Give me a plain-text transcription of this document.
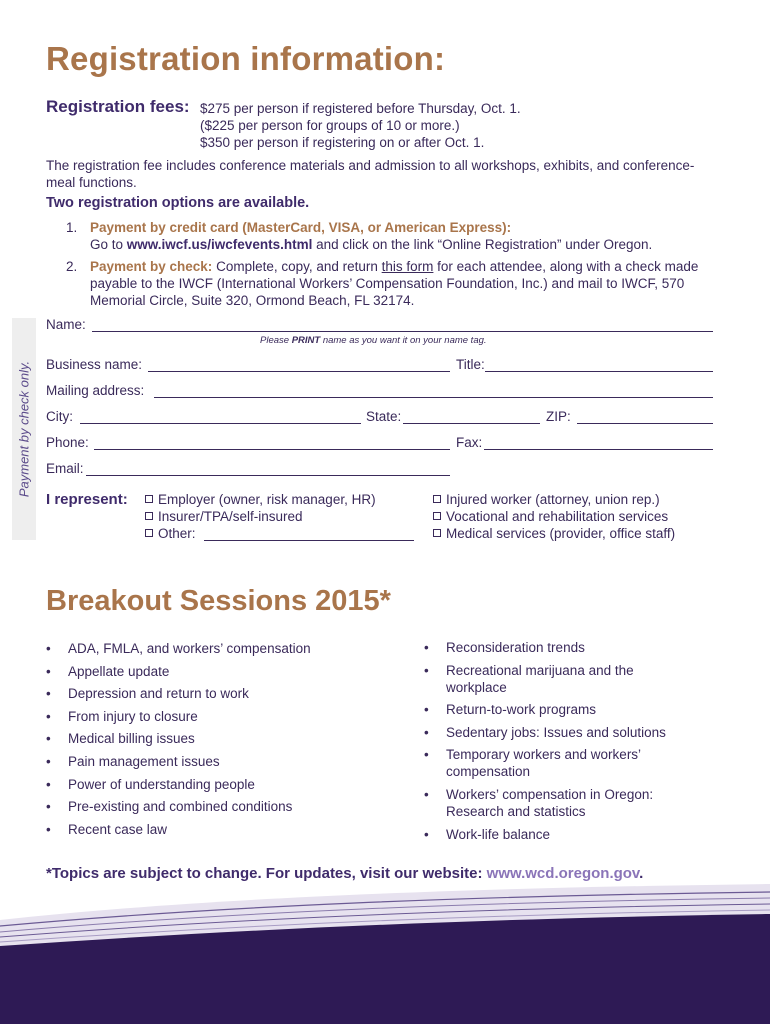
Registration information:
Registration fees: $275 per person if registered before Thursday, Oct. 1.
($225 per person for groups of 10 or more.)
$350 per person if registering on or after Oct. 1.
The registration fee includes conference materials and admission to all workshops, exhibits, and conference-meal functions.
Two registration options are available.
1. Payment by credit card (MasterCard, VISA, or American Express):
Go to www.iwcf.us/iwcfevents.html and click on the link “Online Registration” under Oregon.
2. Payment by check: Complete, copy, and return this form for each attendee, along with a check made payable to the IWCF (International Workers’ Compensation Foundation, Inc.) and mail to IWCF, 570 Memorial Circle, Suite 320, Ormond Beach, FL 32174.
Payment by check only.
Name:
Please PRINT name as you want it on your name tag.
Business name:	Title:
Mailing address:
City:	State:	ZIP:
Phone:	Fax:
Email:
I represent:	Employer (owner, risk manager, HR)
Insurer/TPA/self-insured
Other:
Injured worker (attorney, union rep.)
Vocational and rehabilitation services
Medical services (provider, office staff)
Breakout Sessions 2015*
• ADA, FMLA, and workers’ compensation
• Appellate update
• Depression and return to work
• From injury to closure
• Medical billing issues
• Pain management issues
• Power of understanding people
• Pre-existing and combined conditions
• Recent case law
• Reconsideration trends
• Recreational marijuana and the workplace
• Return-to-work programs
• Sedentary jobs: Issues and solutions
• Temporary workers and workers’ compensation
• Workers’ compensation in Oregon: Research and statistics
• Work-life balance
*Topics are subject to change. For updates, visit our website: www.wcd.oregon.gov.
